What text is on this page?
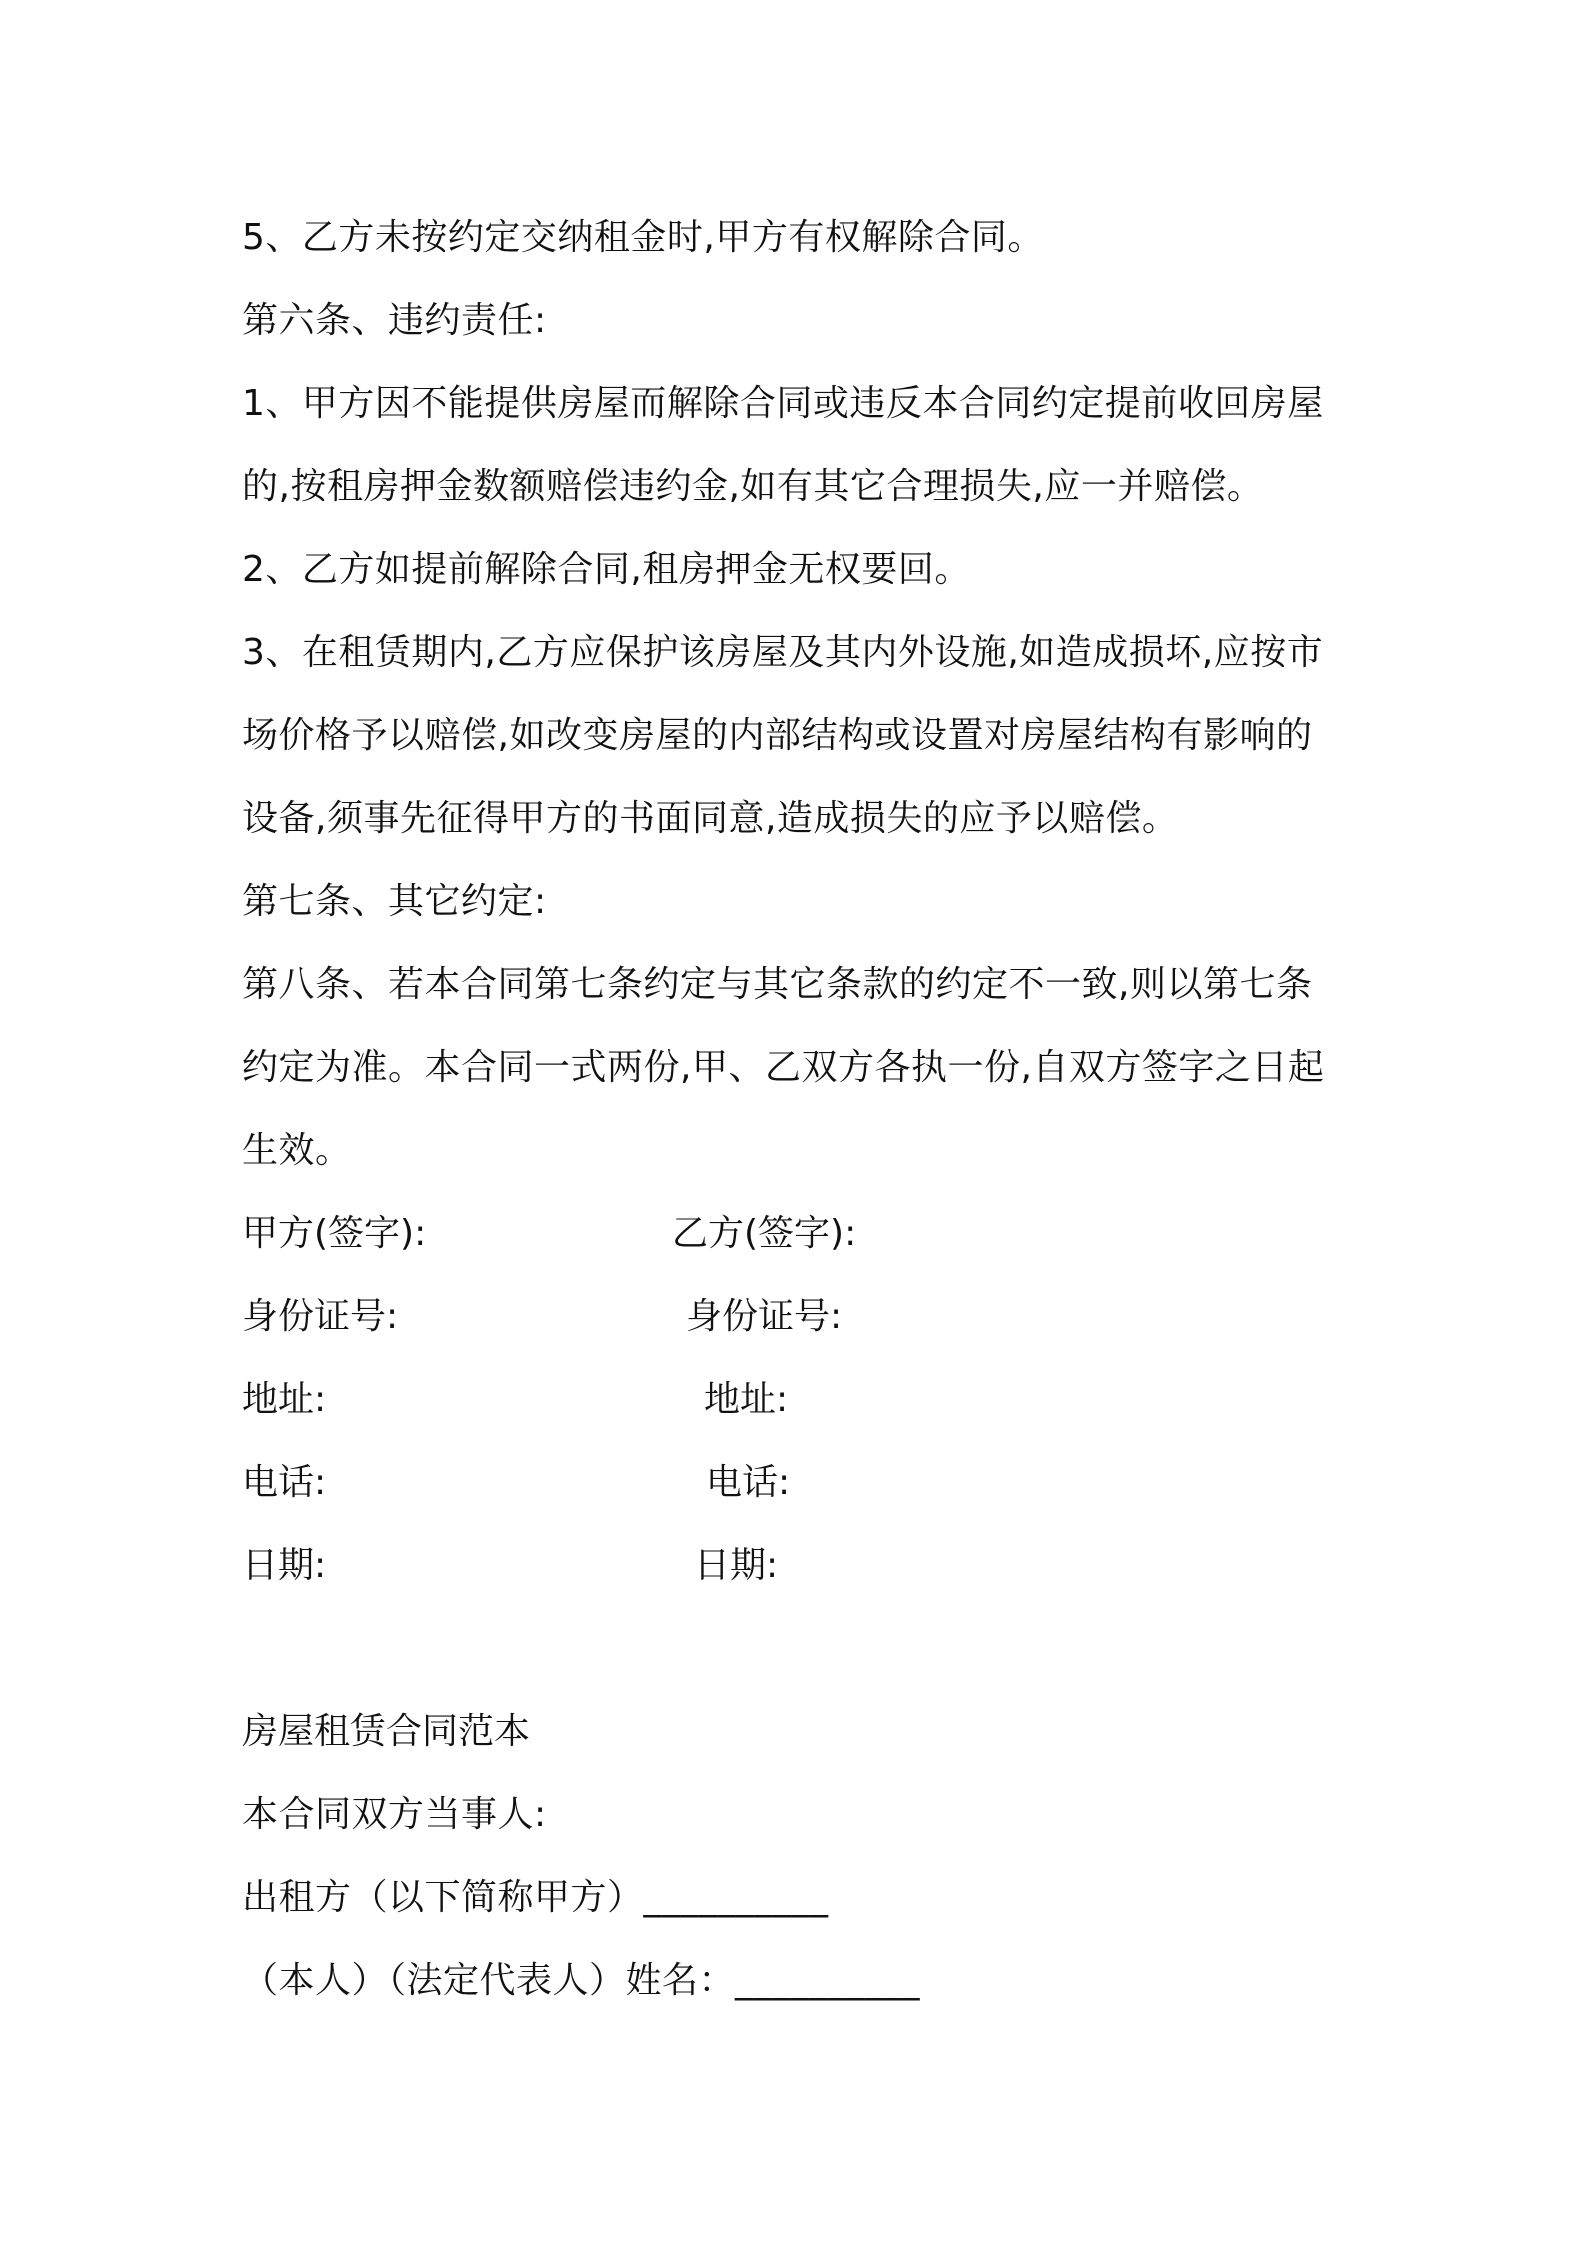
5、乙方未按约定交纳租金时,甲方有权解除合同。
第六条、违约责任:
1、甲方因不能提供房屋而解除合同或违反本合同约定提前收回房屋
的,按租房押金数额赔偿违约金,如有其它合理损失,应一并赔偿。
2、乙方如提前解除合同,租房押金无权要回。
3、在租赁期内,乙方应保护该房屋及其内外设施,如造成损坏,应按市
场价格予以赔偿,如改变房屋的内部结构或设置对房屋结构有影响的
设备,须事先征得甲方的书面同意,造成损失的应予以赔偿。
第七条、其它约定:
第八条、若本合同第七条约定与其它条款的约定不一致,则以第七条
约定为准。本合同一式两份,甲、乙双方各执一份,自双方签字之日起
生效。
甲方(签字):	乙方(签字):
身份证号:	身份证号:
地址:	地址:
电话:	电话:
日期:	日期:
房屋租赁合同范本
本合同双方当事人:
出租方（以下简称甲方）__________
（本人）（法定代表人）姓名：__________
